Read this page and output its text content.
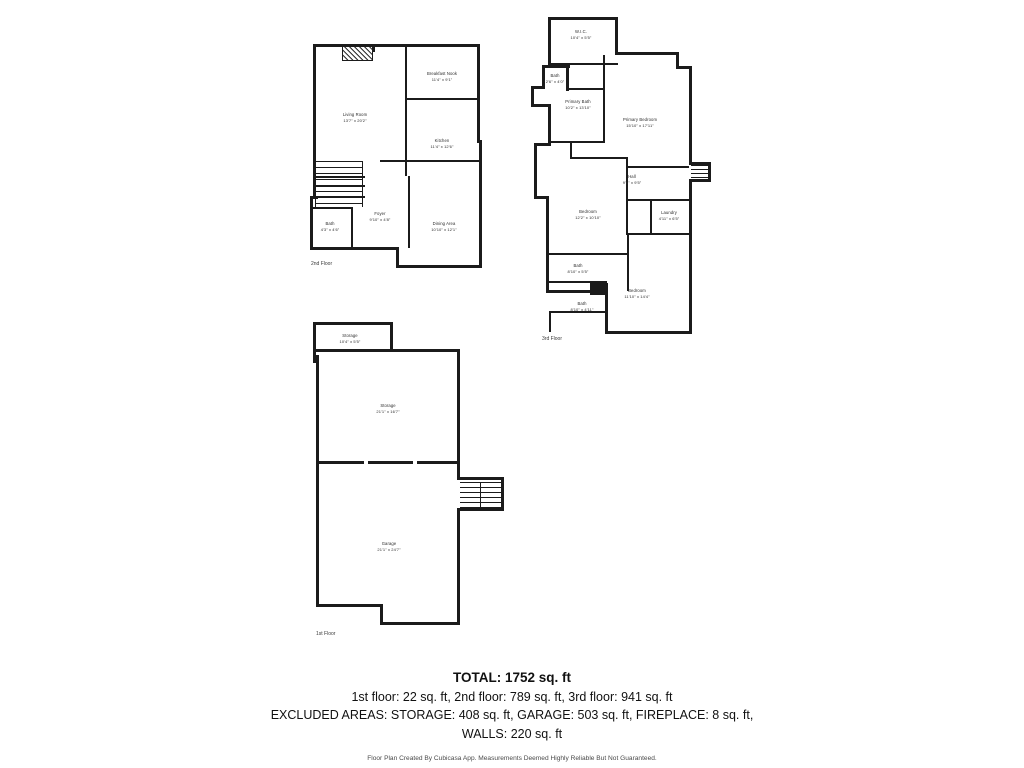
Living Room
13'7" x 20'2"
Breakfast Nook
11'4" x 9'1"
Kitchen
11'4" x 12'6"
Foyer
9'10" x 4'8"
Dining Area
10'10" x 12'1"
Bath
4'3" x 4'6"
2nd Floor
W.I.C.
10'4" x 5'5"
Bath
2'6" x 4'0"
Primary Bath
10'2" x 13'10"
Primary Bedroom
15'10" x 17'11"
Hall
9'0" x 9'5"
Laundry
4'11" x 6'5"
Bedroom
12'2" x 10'10"
Bath
8'10" x 5'5"
Bath
8'10" x 4'11"
Bedroom
11'10" x 14'4"
3rd Floor
Storage
10'4" x 5'5"
Storage
21'1" x 16'7"
Garage
21'1" x 24'7"
1st Floor
TOTAL: 1752 sq. ft
1st floor: 22 sq. ft, 2nd floor: 789 sq. ft, 3rd floor: 941 sq. ft
EXCLUDED AREAS: STORAGE: 408 sq. ft, GARAGE: 503 sq. ft, FIREPLACE: 8 sq. ft,
WALLS: 220 sq. ft
Floor Plan Created By Cubicasa App. Measurements Deemed Highly Reliable But Not Guaranteed.
